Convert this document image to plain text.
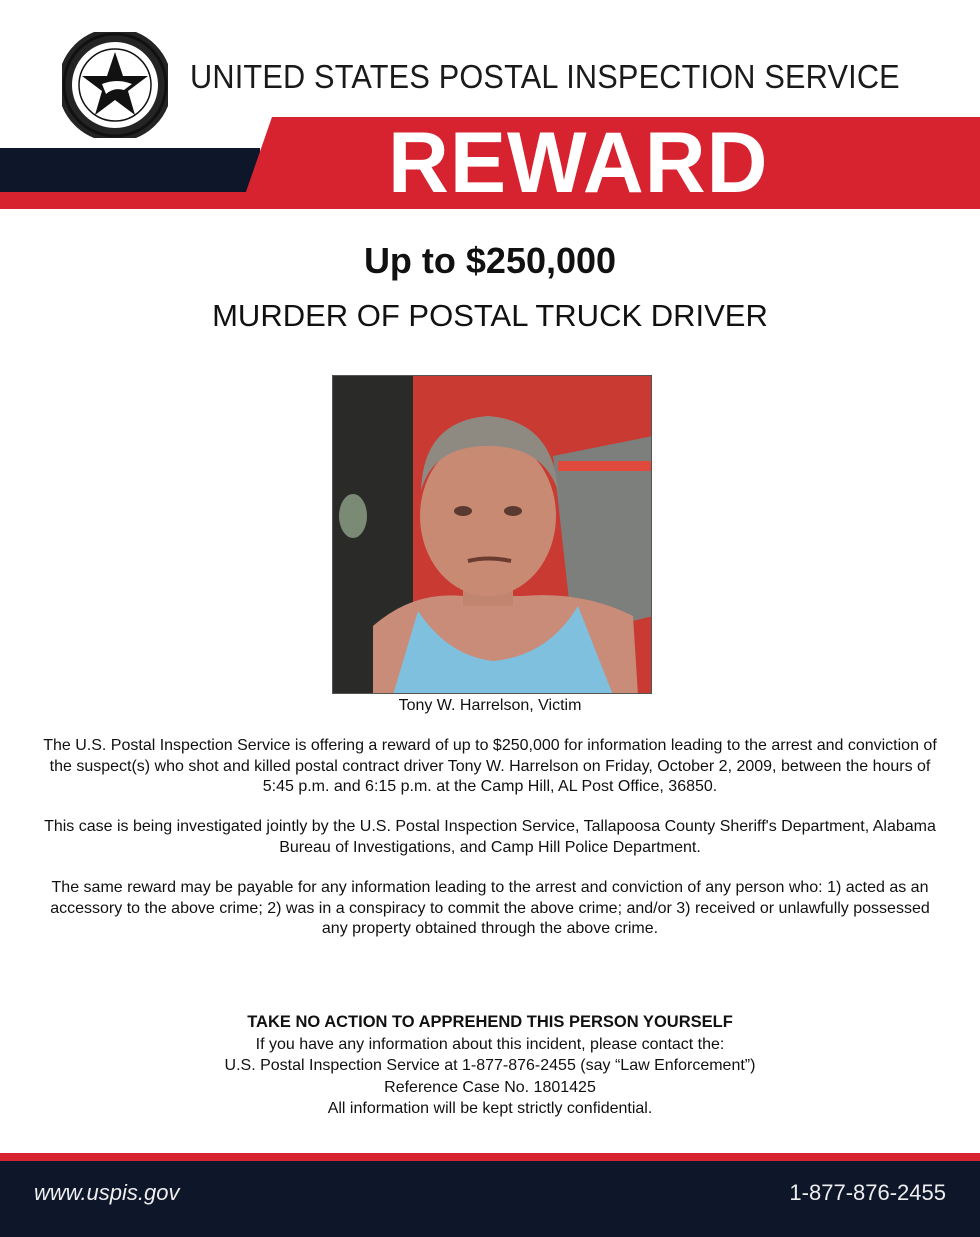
UNITED STATES POSTAL INSPECTION SERVICE
REWARD
Up to $250,000
MURDER OF POSTAL TRUCK DRIVER
Tony W. Harrelson, Victim
The U.S. Postal Inspection Service is offering a reward of up to $250,000 for information leading to the arrest and conviction of the suspect(s) who shot and killed postal contract driver Tony W. Harrelson on Friday, October 2, 2009, between the hours of 5:45 p.m. and 6:15 p.m. at the Camp Hill, AL Post Office, 36850.
This case is being investigated jointly by the U.S. Postal Inspection Service, Tallapoosa County Sheriff's Department, Alabama Bureau of Investigations, and Camp Hill Police Department.
The same reward may be payable for any information leading to the arrest and conviction of any person who: 1) acted as an accessory to the above crime; 2) was in a conspiracy to commit the above crime; and/or 3) received or unlawfully possessed any property obtained through the above crime.
TAKE NO ACTION TO APPREHEND THIS PERSON YOURSELF
If you have any information about this incident, please contact the:
U.S. Postal Inspection Service at 1-877-876-2455 (say “Law Enforcement”)
Reference Case No. 1801425
All information will be kept strictly confidential.
www.uspis.gov	1-877-876-2455
